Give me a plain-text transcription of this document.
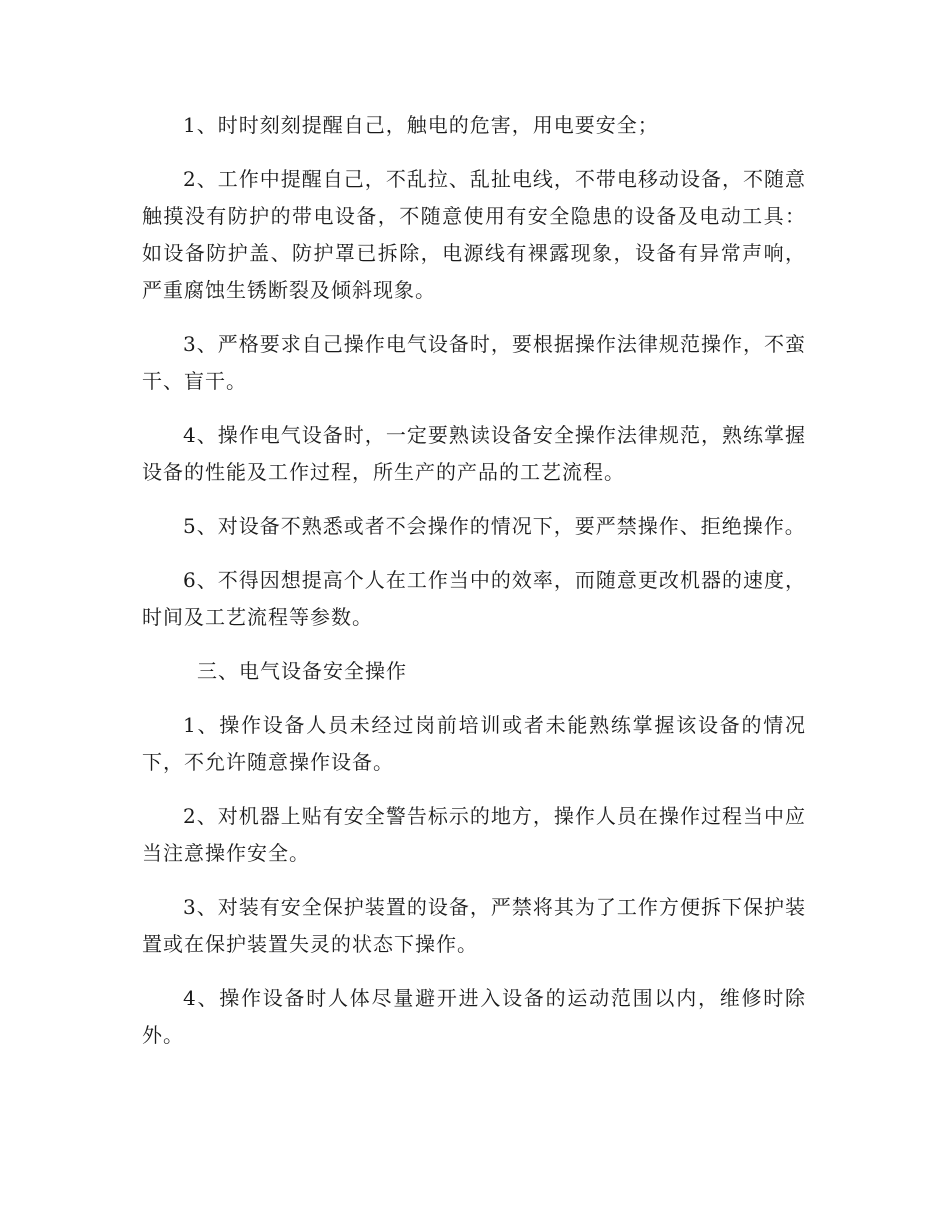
1、时时刻刻提醒自己，触电的危害，用电要安全；

2、工作中提醒自己，不乱拉、乱扯电线，不带电移动设备，不随意触摸没有防护的带电设备，不随意使用有安全隐患的设备及电动工具：如设备防护盖、防护罩已拆除，电源线有裸露现象，设备有异常声响，严重腐蚀生锈断裂及倾斜现象。

3、严格要求自己操作电气设备时，要根据操作法律规范操作，不蛮干、盲干。

4、操作电气设备时，一定要熟读设备安全操作法律规范，熟练掌握设备的性能及工作过程，所生产的产品的工艺流程。

5、对设备不熟悉或者不会操作的情况下，要严禁操作、拒绝操作。

6、不得因想提高个人在工作当中的效率，而随意更改机器的速度，时间及工艺流程等参数。

三、电气设备安全操作

1、操作设备人员未经过岗前培训或者未能熟练掌握该设备的情况下，不允许随意操作设备。

2、对机器上贴有安全警告标示的地方，操作人员在操作过程当中应当注意操作安全。

3、对装有安全保护装置的设备，严禁将其为了工作方便拆下保护装置或在保护装置失灵的状态下操作。

4、操作设备时人体尽量避开进入设备的运动范围以内，维修时除外。
